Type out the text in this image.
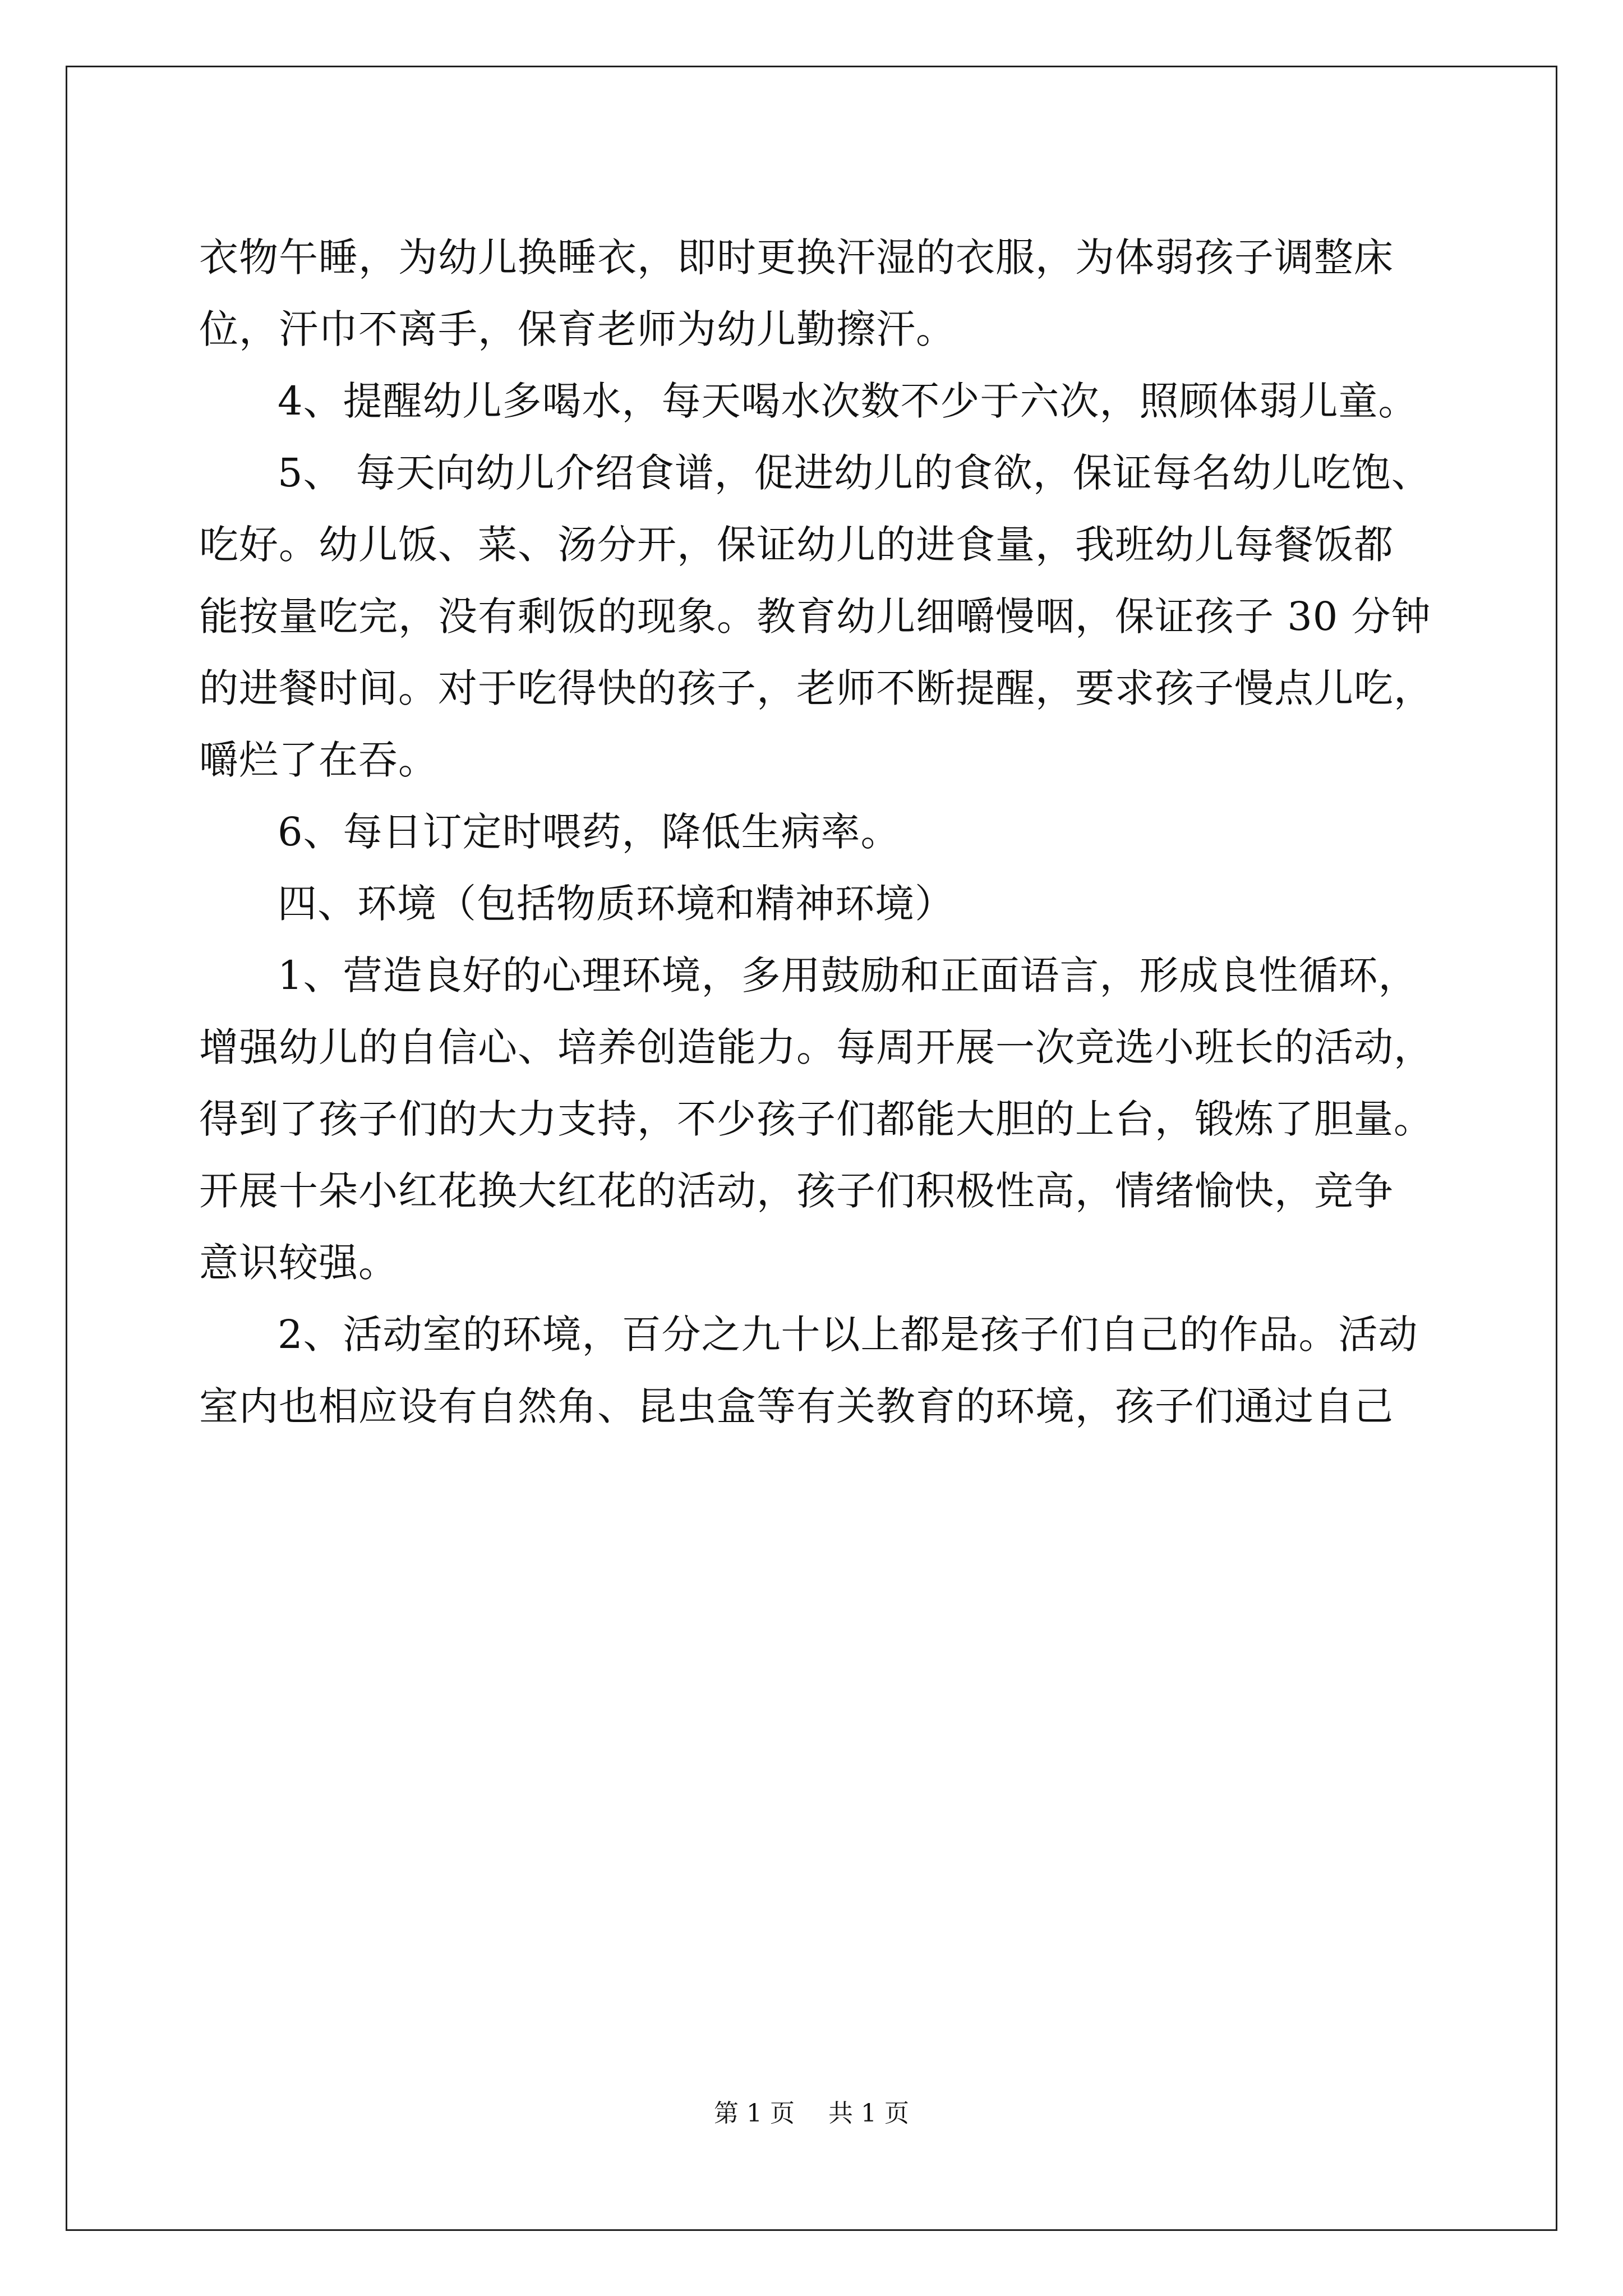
衣物午睡，为幼儿换睡衣，即时更换汗湿的衣服，为体弱孩子调整床
位，汗巾不离手，保育老师为幼儿勤擦汗。
4、提醒幼儿多喝水，每天喝水次数不少于六次，照顾体弱儿童。
5、 每天向幼儿介绍食谱，促进幼儿的食欲，保证每名幼儿吃饱、
吃好。幼儿饭、菜、汤分开，保证幼儿的进食量，我班幼儿每餐饭都
能按量吃完，没有剩饭的现象。教育幼儿细嚼慢咽，保证孩子 30 分钟
的进餐时间。对于吃得快的孩子，老师不断提醒，要求孩子慢点儿吃，
嚼烂了在吞。
6、每日订定时喂药，降低生病率。
四、环境（包括物质环境和精神环境）
1、营造良好的心理环境，多用鼓励和正面语言，形成良性循环，
增强幼儿的自信心、培养创造能力。每周开展一次竞选小班长的活动，
得到了孩子们的大力支持，不少孩子们都能大胆的上台，锻炼了胆量。
开展十朵小红花换大红花的活动，孩子们积极性高，情绪愉快，竞争
意识较强。
2、活动室的环境，百分之九十以上都是孩子们自己的作品。活动
室内也相应设有自然角、昆虫盒等有关教育的环境，孩子们通过自己
第 1 页 共 1 页
